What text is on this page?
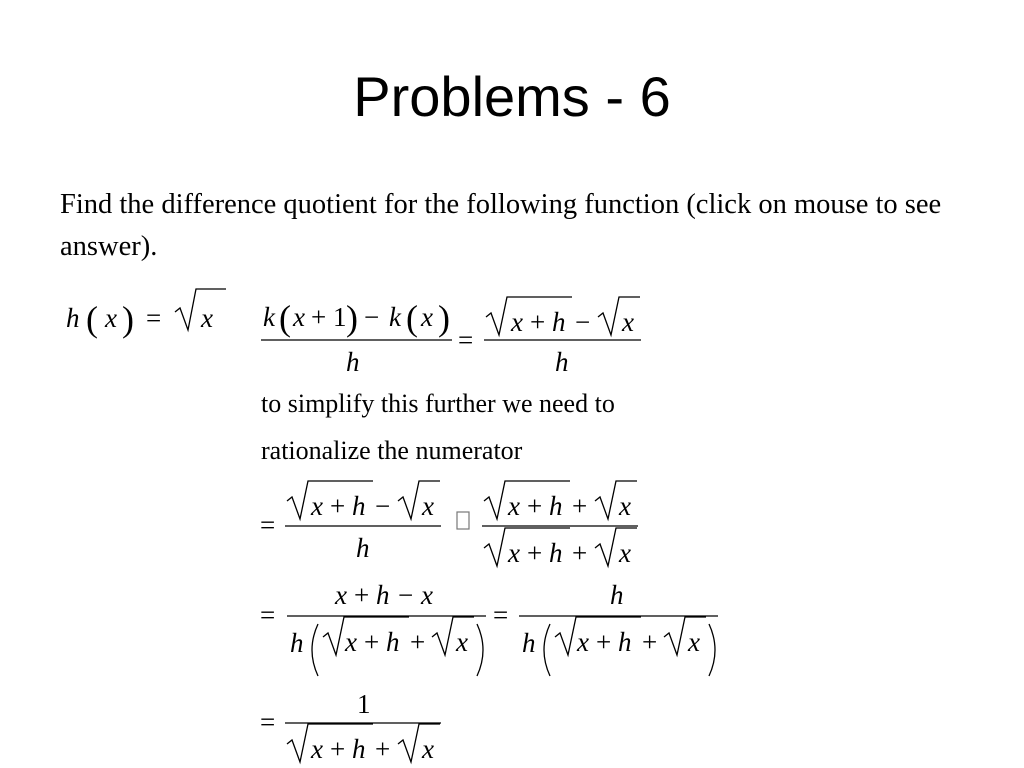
Problems - 6
Find the difference quotient for the following function (click on mouse to see answer).
to simplify this further we need to
rationalize the numerator
h ( x ) = x k ( x + 1 ) − k ( x )
h
=
x + h − x
h
=
x + h − x
h
x + h + x
x + h + x
=
x + h − x
h x + h + x
=
h
h x + h + x
=
1
x + h + x
